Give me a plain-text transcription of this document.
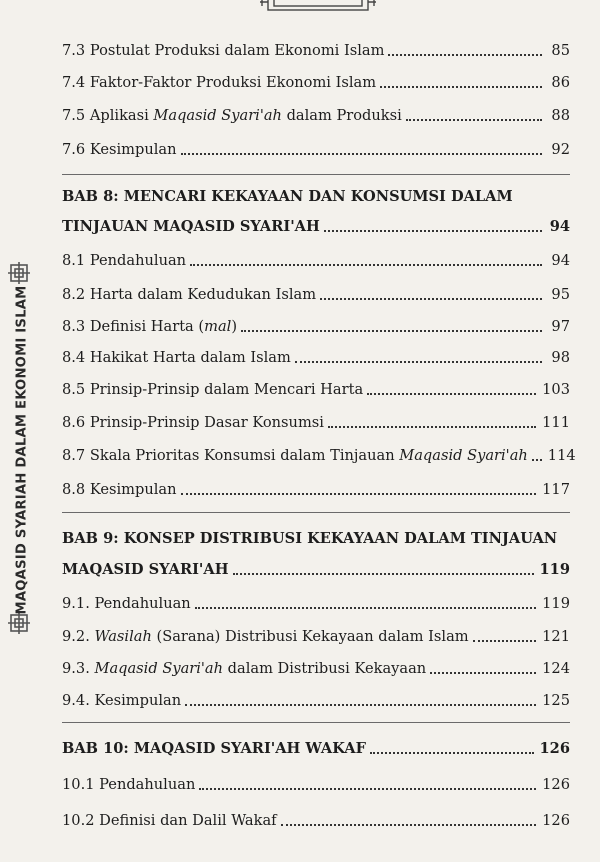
MAQASID SYARIAH DALAM EKONOMI ISLAM
7.3 Postulat Produksi dalam Ekonomi Islam	85
7.4 Faktor-Faktor Produksi Ekonomi Islam	86
7.5 Aplikasi Maqasid Syari'ah dalam Produksi	88
7.6 Kesimpulan	92
BAB 8: MENCARI KEKAYAAN DAN KONSUMSI DALAM
TINJAUAN MAQASID SYARI'AH	94
8.1 Pendahuluan	94
8.2 Harta dalam Kedudukan Islam	95
8.3 Definisi Harta (mal)	97
8.4 Hakikat Harta dalam Islam	98
8.5 Prinsip-Prinsip dalam Mencari Harta	103
8.6 Prinsip-Prinsip Dasar Konsumsi	111
8.7 Skala Prioritas Konsumsi dalam Tinjauan Maqasid Syari'ah 114
8.8 Kesimpulan	117
BAB 9: KONSEP DISTRIBUSI KEKAYAAN DALAM TINJAUAN
MAQASID SYARI'AH	119
9.1. Pendahuluan	119
9.2. Wasilah (Sarana) Distribusi Kekayaan dalam Islam	121
9.3. Maqasid Syari'ah dalam Distribusi Kekayaan	124
9.4. Kesimpulan	125
BAB 10: MAQASID SYARI'AH WAKAF	126
10.1 Pendahuluan	126
10.2 Definisi dan Dalil Wakaf	126
